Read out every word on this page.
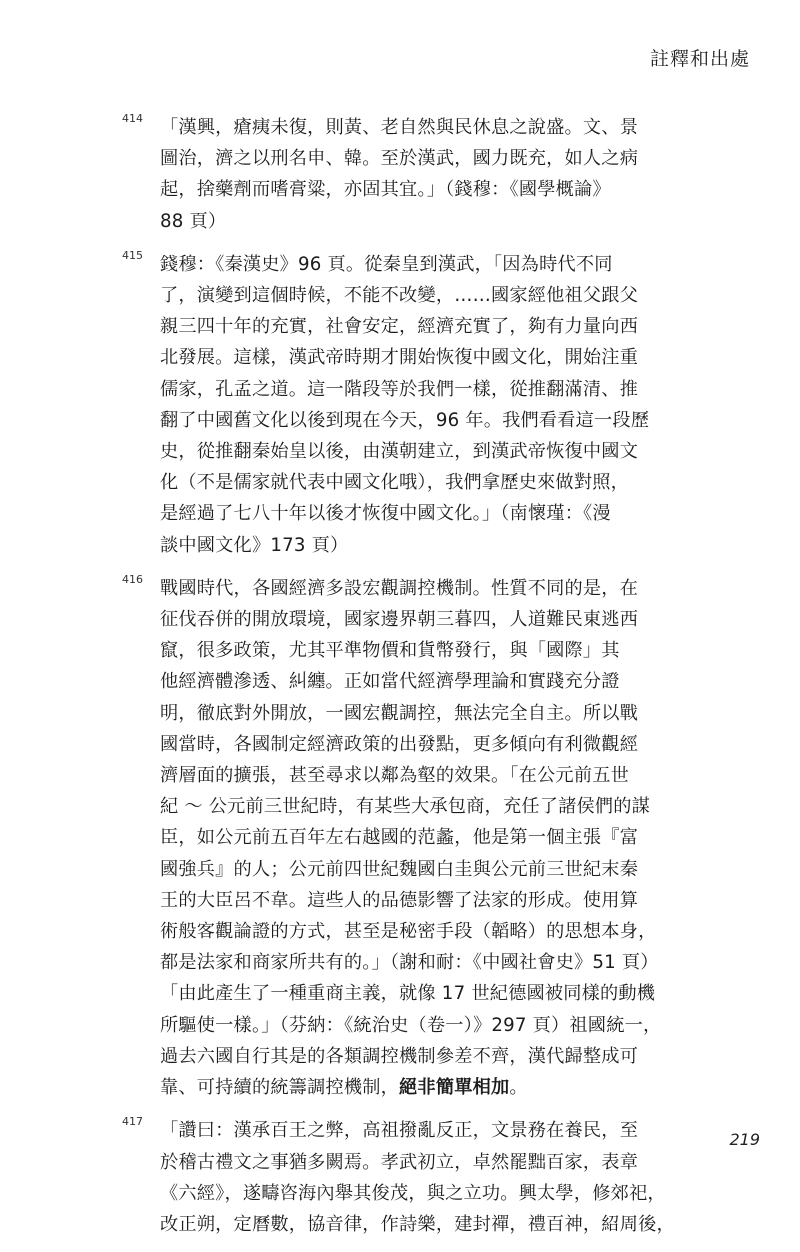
註釋和出處
414 「漢興，瘡痍未復，則黃、老自然與民休息之說盛。文、景
圖治，濟之以刑名申、韓。至於漢武，國力既充，如人之病
起，捨藥劑而嗜膏粱，亦固其宜。」（錢穆：《國學概論》
88 頁）
415 錢穆：《秦漢史》96 頁。從秦皇到漢武，「因為時代不同
了，演變到這個時候，不能不改變，……國家經他祖父跟父
親三四十年的充實，社會安定，經濟充實了，夠有力量向西
北發展。這樣，漢武帝時期才開始恢復中國文化，開始注重
儒家，孔孟之道。這一階段等於我們一樣，從推翻滿清、推
翻了中國舊文化以後到現在今天，96 年。我們看看這一段歷
史，從推翻秦始皇以後，由漢朝建立，到漢武帝恢復中國文
化（不是儒家就代表中國文化哦），我們拿歷史來做對照，
是經過了七八十年以後才恢復中國文化。」（南懷瑾：《漫
談中國文化》173 頁）
416 戰國時代，各國經濟多設宏觀調控機制。性質不同的是，在
征伐吞併的開放環境，國家邊界朝三暮四，人道難民東逃西
竄，很多政策，尤其平準物價和貨幣發行，與「國際」其
他經濟體滲透、糾纏。正如當代經濟學理論和實踐充分證
明，徹底對外開放，一國宏觀調控，無法完全自主。所以戰
國當時，各國制定經濟政策的出發點，更多傾向有利微觀經
濟層面的擴張，甚至尋求以鄰為壑的效果。「在公元前五世
紀 ～ 公元前三世紀時，有某些大承包商，充任了諸侯們的謀
臣，如公元前五百年左右越國的范蠡，他是第一個主張『富
國強兵』的人；公元前四世紀魏國白圭與公元前三世紀末秦
王的大臣呂不韋。這些人的品德影響了法家的形成。使用算
術般客觀論證的方式，甚至是秘密手段（韜略）的思想本身，
都是法家和商家所共有的。」（謝和耐：《中國社會史》51 頁）
「由此產生了一種重商主義，就像 17 世紀德國被同樣的動機
所驅使一樣。」（芬納：《統治史（卷一）》297 頁）祖國統一，
過去六國自行其是的各類調控機制參差不齊，漢代歸整成可
靠、可持續的統籌調控機制，絕非簡單相加。
417 「讚曰：漢承百王之弊，高祖撥亂反正，文景務在養民，至
於稽古禮文之事猶多闕焉。孝武初立，卓然罷黜百家，表章
《六經》，遂疇咨海內舉其俊茂，與之立功。興太學，修郊祀，
改正朔，定曆數，協音律，作詩樂，建封禪，禮百神，紹周後，
219
